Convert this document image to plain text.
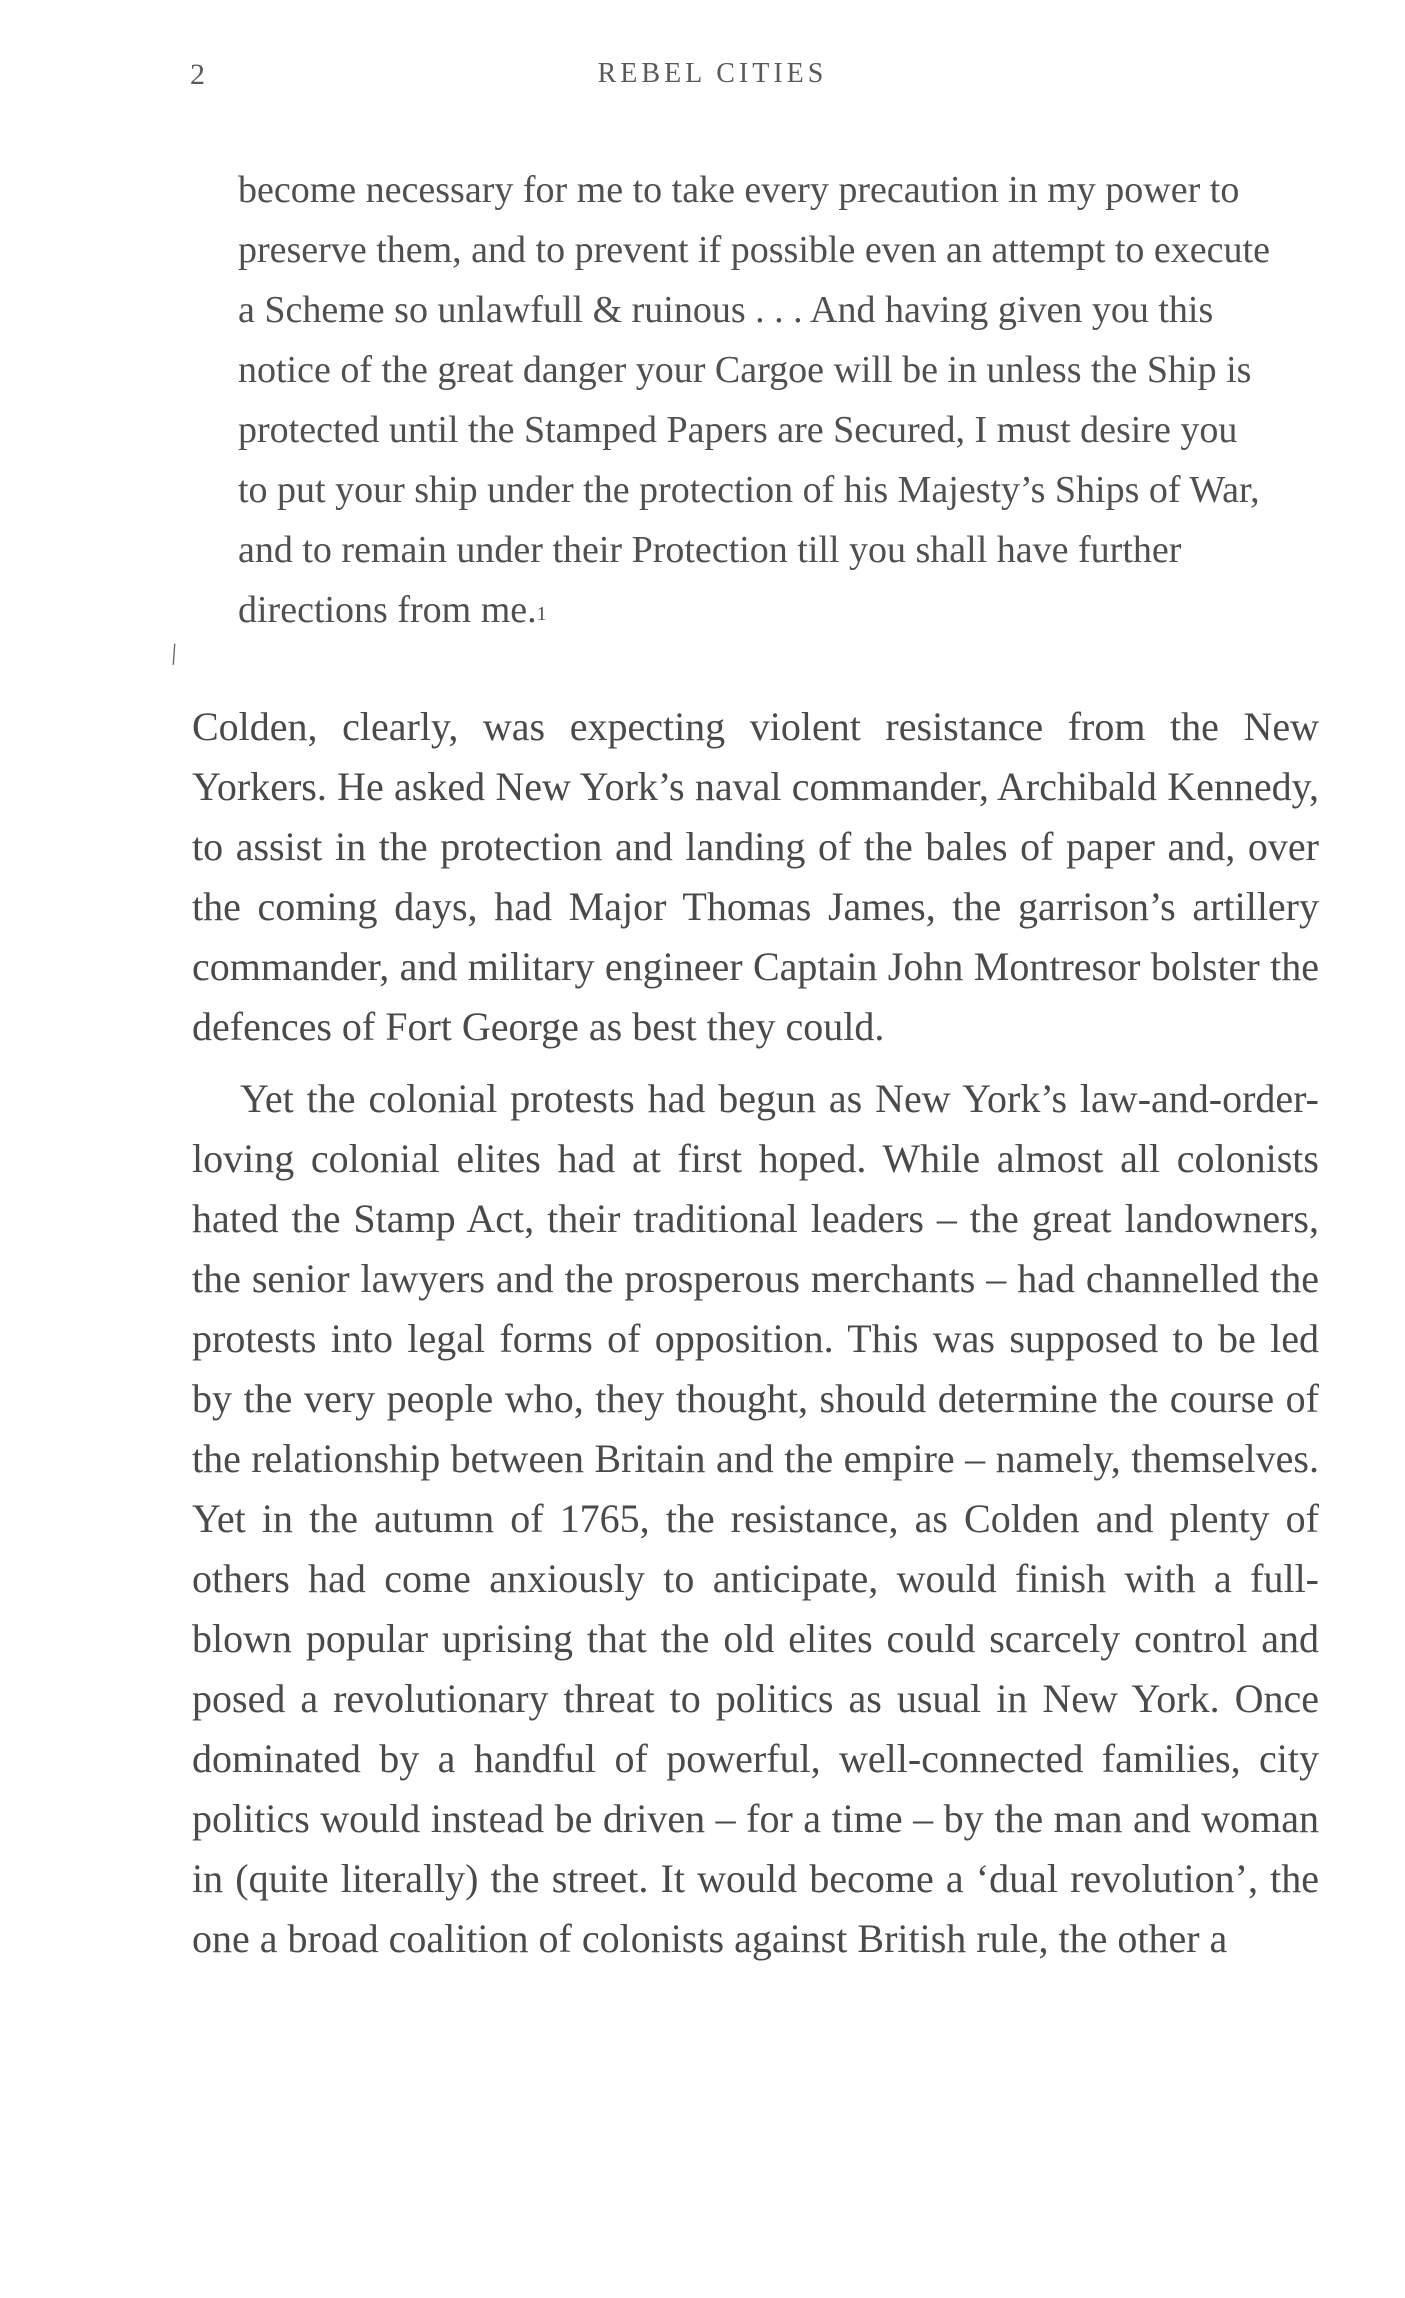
2	REBEL CITIES
become necessary for me to take every precaution in my power to preserve them, and to prevent if possible even an attempt to execute a Scheme so unlawfull & ruinous . . . And having given you this notice of the great danger your Cargoe will be in unless the Ship is protected until the Stamped Papers are Secured, I must desire you to put your ship under the protection of his Majesty’s Ships of War, and to remain under their Protection till you shall have further directions from me.$^1$
/

Colden, clearly, was expecting violent resistance from the New Yorkers. He asked New York’s naval commander, Archibald Kennedy, to assist in the protection and landing of the bales of paper and, over the coming days, had Major Thomas James, the garrison’s artillery commander, and military engineer Captain John Montresor bolster the defences of Fort George as best they could.

Yet the colonial protests had begun as New York’s law-and-order-loving colonial elites had at first hoped. While almost all colonists hated the Stamp Act, their traditional leaders – the great landowners, the senior lawyers and the prosperous merchants – had channelled the protests into legal forms of opposition. This was supposed to be led by the very people who, they thought, should determine the course of the relationship between Britain and the empire – namely, themselves. Yet in the autumn of 1765, the resistance, as Colden and plenty of others had come anxiously to anticipate, would finish with a full-blown popular uprising that the old elites could scarcely control and posed a revolutionary threat to politics as usual in New York. Once dominated by a handful of powerful, well-connected families, city politics would instead be driven – for a time – by the man and woman in (quite literally) the street. It would become a ‘dual revolution’, the one a broad coalition of colonists against British rule, the other a
